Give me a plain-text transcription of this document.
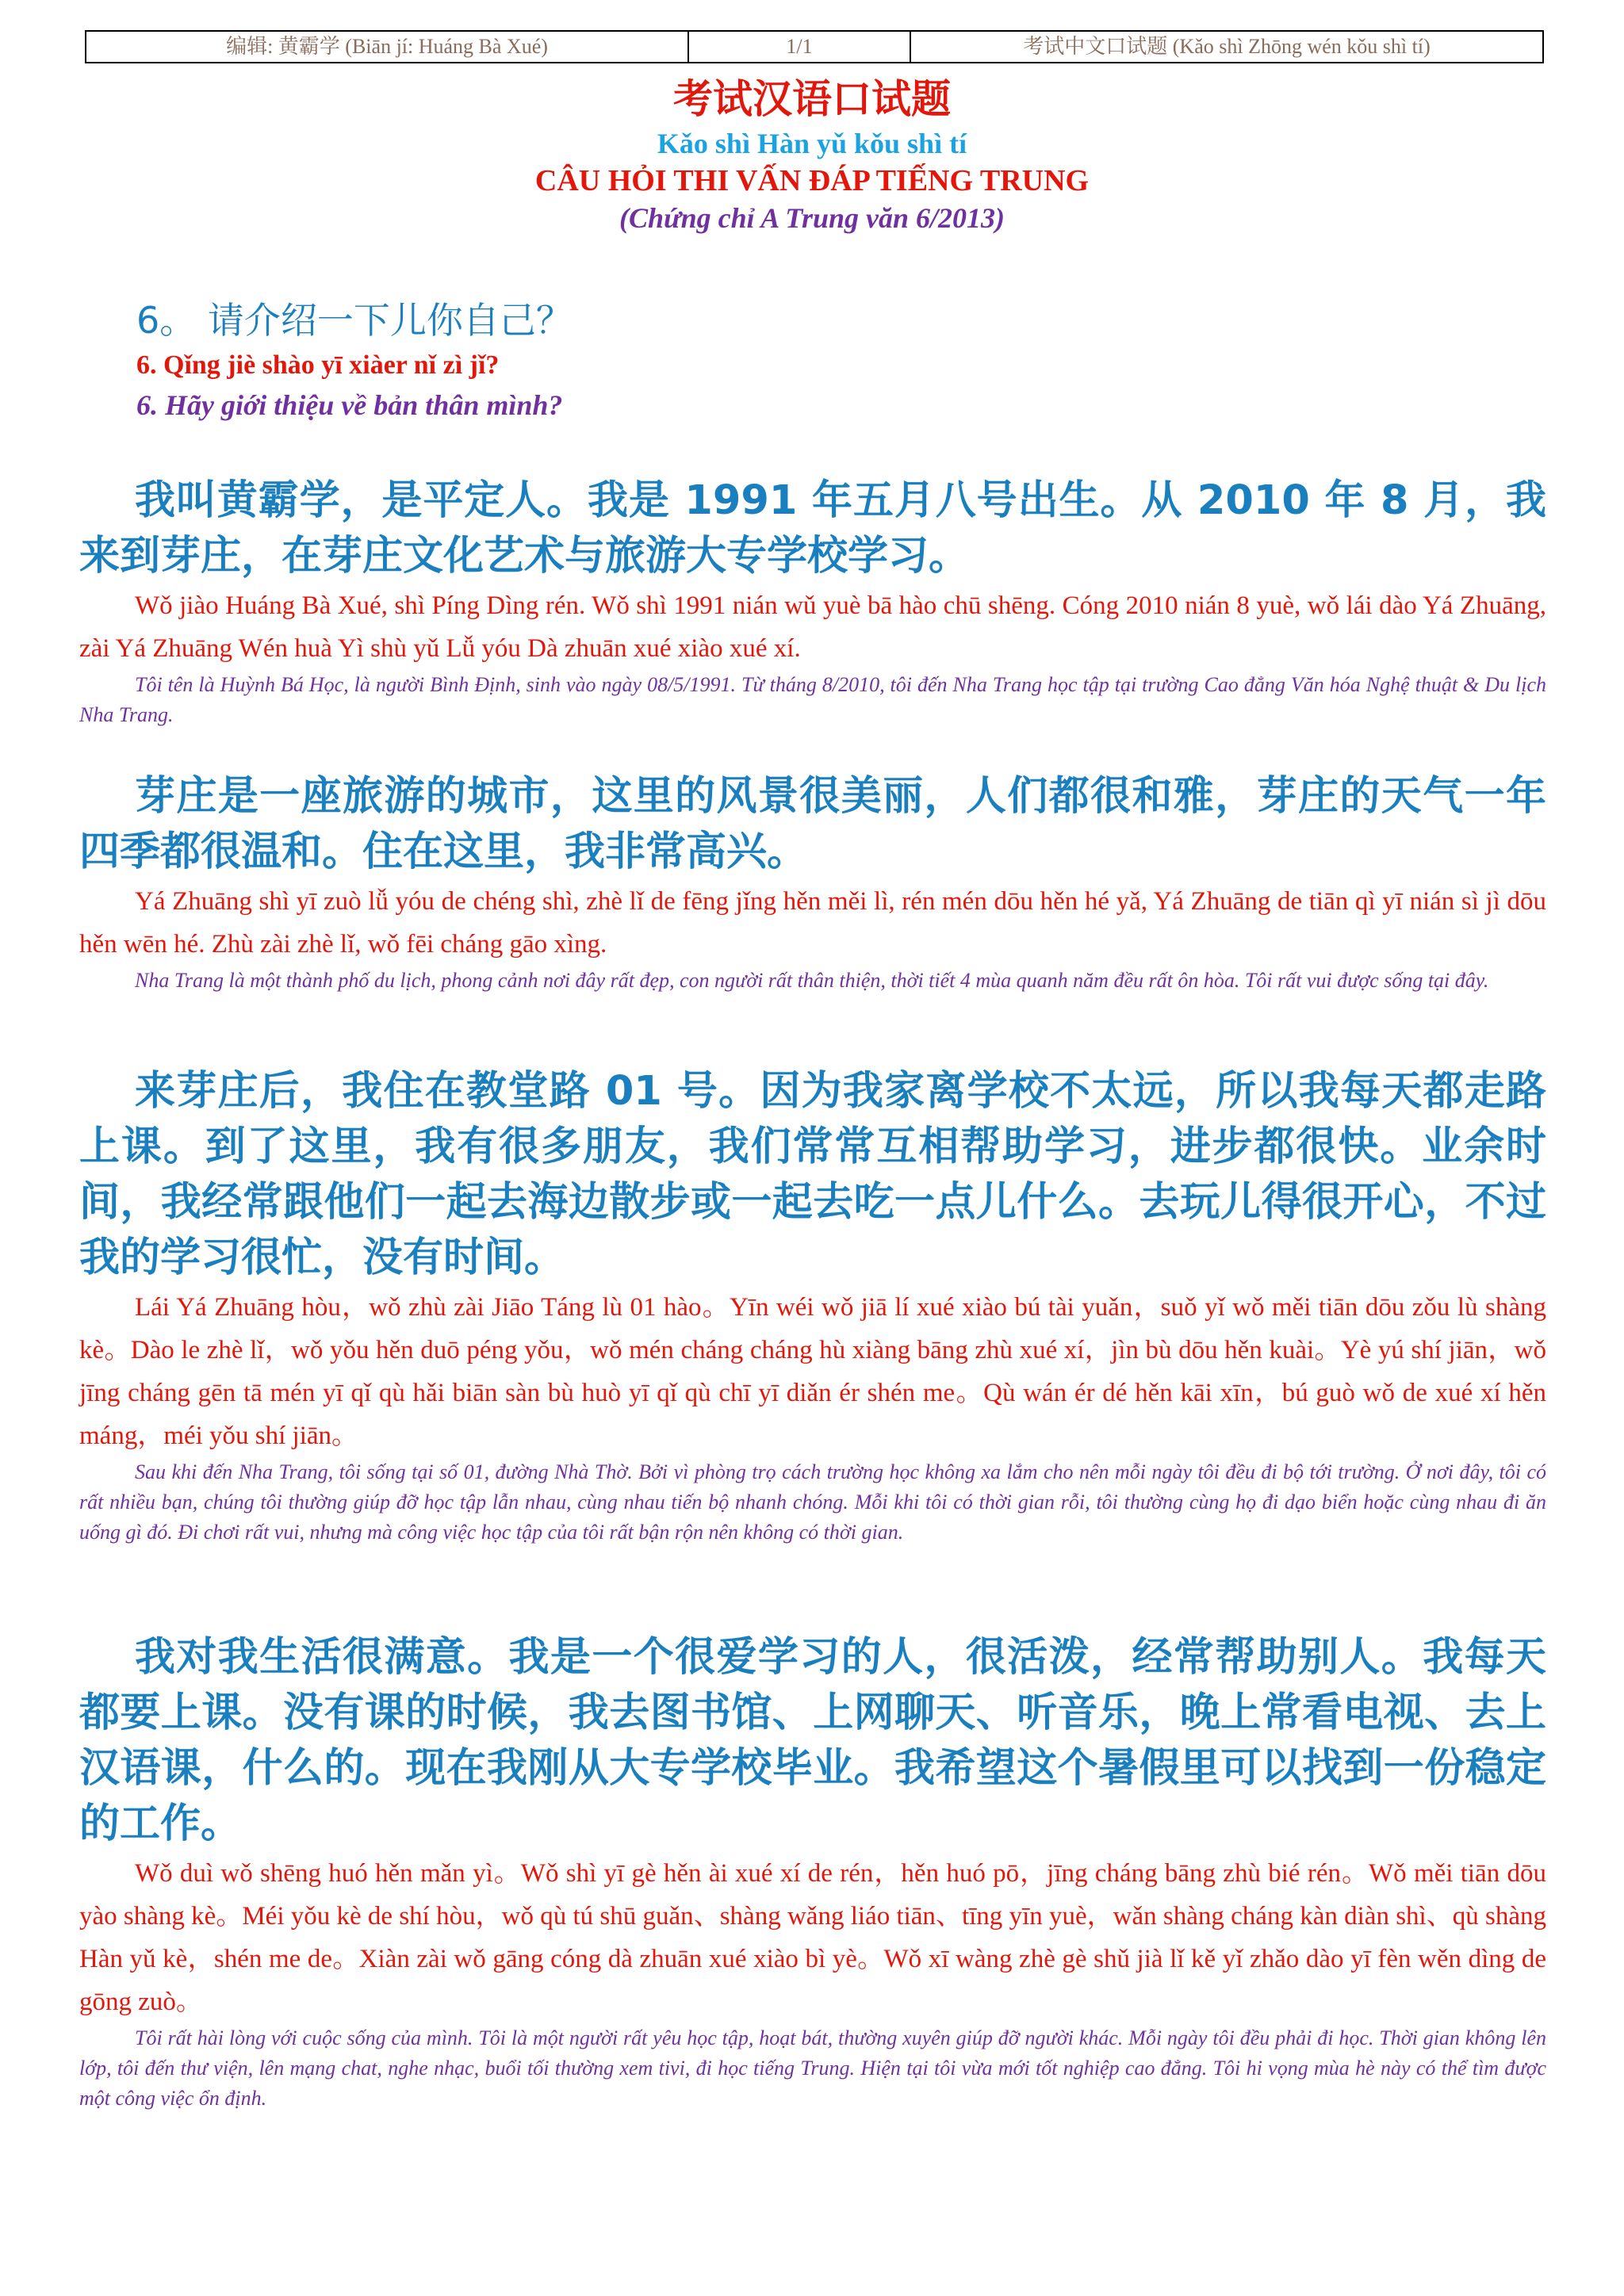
编辑: 黄霸学 (Biān jí: Huáng Bà Xué)	1/1	考试中文口试题 (Kǎo shì Zhōng wén kǒu shì tí)
考试汉语口试题
Kǎo shì Hàn yǔ kǒu shì tí
CÂU HỎI THI VẤN ĐÁP TIẾNG TRUNG
(Chứng chỉ A Trung văn 6/2013)
6。 请介绍一下儿你自己？
6. Qǐng jiè shào yī xiàer nǐ zì jǐ?
6. Hãy giới thiệu về bản thân mình?

我叫黄霸学，是平定人。我是 1991 年五月八号出生。从 2010 年 8 月，我来到芽庄，在芽庄文化艺术与旅游大专学校学习。

Wǒ jiào Huáng Bà Xué, shì Píng Dìng rén. Wǒ shì 1991 nián wǔ yuè bā hào chū shēng. Cóng 2010 nián 8 yuè, wǒ lái dào Yá Zhuāng, zài Yá Zhuāng Wén huà Yì shù yǔ Lǚ yóu Dà zhuān xué xiào xué xí.

Tôi tên là Huỳnh Bá Học, là người Bình Định, sinh vào ngày 08/5/1991. Từ tháng 8/2010, tôi đến Nha Trang học tập tại trường Cao đẳng Văn hóa Nghệ thuật & Du lịch Nha Trang.

芽庄是一座旅游的城市，这里的风景很美丽，人们都很和雅，芽庄的天气一年四季都很温和。住在这里，我非常高兴。

Yá Zhuāng shì yī zuò lǚ yóu de chéng shì, zhè lǐ de fēng jǐng hěn měi lì, rén mén dōu hěn hé yǎ, Yá Zhuāng de tiān qì yī nián sì jì dōu hěn wēn hé. Zhù zài zhè lǐ, wǒ fēi cháng gāo xìng.

Nha Trang là một thành phố du lịch, phong cảnh nơi đây rất đẹp, con người rất thân thiện, thời tiết 4 mùa quanh năm đều rất ôn hòa. Tôi rất vui được sống tại đây.

来芽庄后，我住在教堂路 01 号。因为我家离学校不太远，所以我每天都走路上课。到了这里，我有很多朋友，我们常常互相帮助学习，进步都很快。业余时间，我经常跟他们一起去海边散步或一起去吃一点儿什么。去玩儿得很开心，不过我的学习很忙，没有时间。

Lái Yá Zhuāng hòu，wǒ zhù zài Jiāo Táng lù 01 hào。Yīn wéi wǒ jiā lí xué xiào bú tài yuǎn，suǒ yǐ wǒ měi tiān dōu zǒu lù shàng kè。Dào le zhè lǐ，wǒ yǒu hěn duō péng yǒu，wǒ mén cháng cháng hù xiàng bāng zhù xué xí，jìn bù dōu hěn kuài。Yè yú shí jiān，wǒ jīng cháng gēn tā mén yī qǐ qù hǎi biān sàn bù huò yī qǐ qù chī yī diǎn ér shén me。Qù wán ér dé hěn kāi xīn，bú guò wǒ de xué xí hěn máng，méi yǒu shí jiān。

Sau khi đến Nha Trang, tôi sống tại số 01, đường Nhà Thờ. Bởi vì phòng trọ cách trường học không xa lắm cho nên mỗi ngày tôi đều đi bộ tới trường. Ở nơi đây, tôi có rất nhiều bạn, chúng tôi thường giúp đỡ học tập lẫn nhau, cùng nhau tiến bộ nhanh chóng. Mỗi khi tôi có thời gian rỗi, tôi thường cùng họ đi dạo biển hoặc cùng nhau đi ăn uống gì đó. Đi chơi rất vui, nhưng mà công việc học tập của tôi rất bận rộn nên không có thời gian.

我对我生活很满意。我是一个很爱学习的人，很活泼，经常帮助别人。我每天都要上课。没有课的时候，我去图书馆、上网聊天、听音乐，晚上常看电视、去上汉语课，什么的。现在我刚从大专学校毕业。我希望这个暑假里可以找到一份稳定的工作。

Wǒ duì wǒ shēng huó hěn mǎn yì。Wǒ shì yī gè hěn ài xué xí de rén，hěn huó pō，jīng cháng bāng zhù bié rén。Wǒ měi tiān dōu yào shàng kè。Méi yǒu kè de shí hòu，wǒ qù tú shū guǎn、shàng wǎng liáo tiān、tīng yīn yuè，wǎn shàng cháng kàn diàn shì、qù shàng Hàn yǔ kè，shén me de。Xiàn zài wǒ gāng cóng dà zhuān xué xiào bì yè。Wǒ xī wàng zhè gè shǔ jià lǐ kě yǐ zhǎo dào yī fèn wěn dìng de gōng zuò。

Tôi rất hài lòng với cuộc sống của mình. Tôi là một người rất yêu học tập, hoạt bát, thường xuyên giúp đỡ người khác. Mỗi ngày tôi đều phải đi học. Thời gian không lên lớp, tôi đến thư viện, lên mạng chat, nghe nhạc, buổi tối thường xem tivi, đi học tiếng Trung. Hiện tại tôi vừa mới tốt nghiệp cao đẳng. Tôi hi vọng mùa hè này có thể tìm được một công việc ổn định.
